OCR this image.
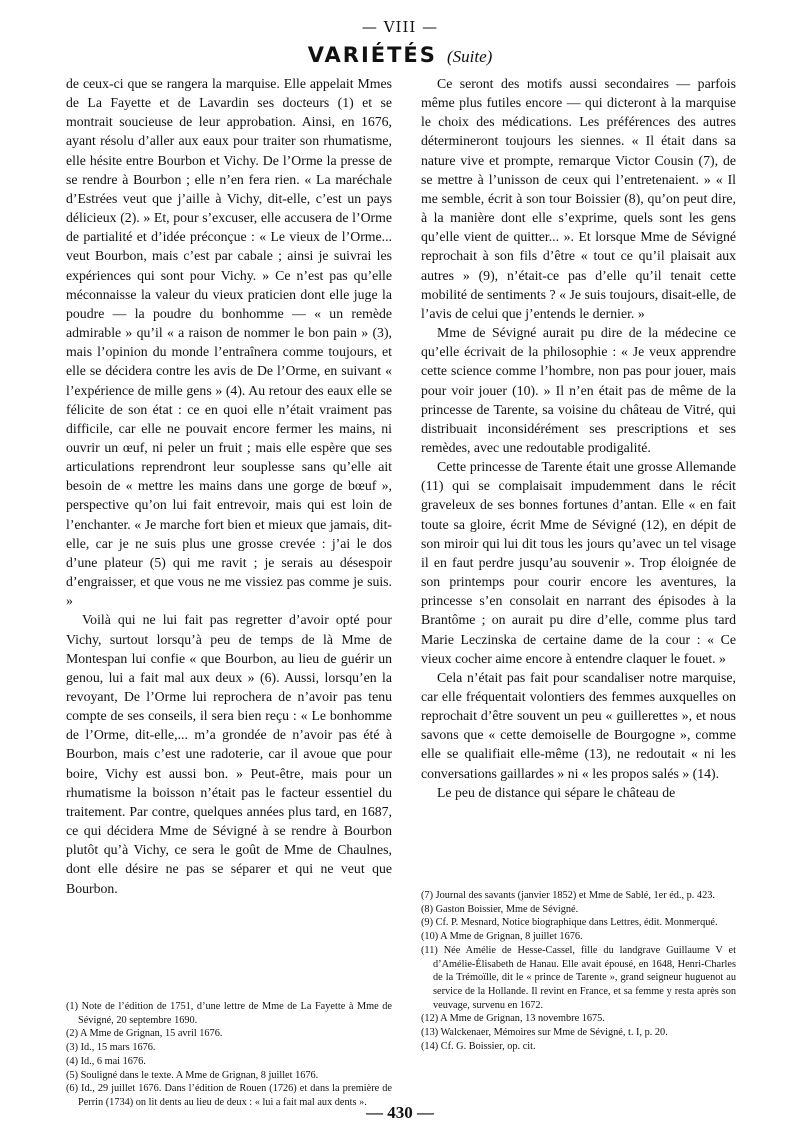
— VIII —
VARIÉTÉS (Suite)

de ceux-ci que se rangera la marquise. Elle appelait Mmes de La Fayette et de Lavardin ses docteurs (1) et se montrait soucieuse de leur approbation. Ainsi, en 1676, ayant résolu d’aller aux eaux pour traiter son rhumatisme, elle hésite entre Bourbon et Vichy. De l’Orme la presse de se rendre à Bourbon ; elle n’en fera rien. « La maréchale d’Estrées veut que j’aille à Vichy, dit-elle, c’est un pays délicieux (2). » Et, pour s’excuser, elle accusera de l’Orme de partialité et d’idée préconçue : « Le vieux de l’Orme... veut Bourbon, mais c’est par cabale ; ainsi je suivrai les expériences qui sont pour Vichy. » Ce n’est pas qu’elle méconnaisse la valeur du vieux praticien dont elle juge la poudre — la poudre du bonhomme — « un remède admirable » qu’il « a raison de nommer le bon pain » (3), mais l’opinion du monde l’entraînera comme toujours, et elle se décidera contre les avis de De l’Orme, en suivant « l’expérience de mille gens » (4). Au retour des eaux elle se félicite de son état : ce en quoi elle n’était vraiment pas difficile, car elle ne pouvait encore fermer les mains, ni ouvrir un œuf, ni peler un fruit ; mais elle espère que ses articulations reprendront leur souplesse sans qu’elle ait besoin de « mettre les mains dans une gorge de bœuf », perspective qu’on lui fait entrevoir, mais qui est loin de l’enchanter. « Je marche fort bien et mieux que jamais, dit-elle, car je ne suis plus une grosse crevée : j’ai le dos d’une plateur (5) qui me ravit ; je serais au désespoir d’engraisser, et que vous ne me vissiez pas comme je suis. »

Voilà qui ne lui fait pas regretter d’avoir opté pour Vichy, surtout lorsqu’à peu de temps de là Mme de Montespan lui confie « que Bourbon, au lieu de guérir un genou, lui a fait mal aux deux » (6). Aussi, lorsqu’en la revoyant, De l’Orme lui reprochera de n’avoir pas tenu compte de ses conseils, il sera bien reçu : « Le bonhomme de l’Orme, dit-elle,... m’a grondée de n’avoir pas été à Bourbon, mais c’est une radoterie, car il avoue que pour boire, Vichy est aussi bon. » Peut-être, mais pour un rhumatisme la boisson n’était pas le facteur essentiel du traitement. Par contre, quelques années plus tard, en 1687, ce qui décidera Mme de Sévigné à se rendre à Bourbon plutôt qu’à Vichy, ce sera le goût de Mme de Chaulnes, dont elle désire ne pas se séparer et qui ne veut que Bourbon.

Ce seront des motifs aussi secondaires — parfois même plus futiles encore — qui dicteront à la marquise le choix des médications. Les préférences des autres détermineront toujours les siennes. « Il était dans sa nature vive et prompte, remarque Victor Cousin (7), de se mettre à l’unisson de ceux qui l’entretenaient. » « Il me semble, écrit à son tour Boissier (8), qu’on peut dire, à la manière dont elle s’exprime, quels sont les gens qu’elle vient de quitter... ». Et lorsque Mme de Sévigné reprochait à son fils d’être « tout ce qu’il plaisait aux autres » (9), n’était-ce pas d’elle qu’il tenait cette mobilité de sentiments ? « Je suis toujours, disait-elle, de l’avis de celui que j’entends le dernier. »

Mme de Sévigné aurait pu dire de la médecine ce qu’elle écrivait de la philosophie : « Je veux apprendre cette science comme l’hombre, non pas pour jouer, mais pour voir jouer (10). » Il n’en était pas de même de la princesse de Tarente, sa voisine du château de Vitré, qui distribuait inconsidérément ses prescriptions et ses remèdes, avec une redoutable prodigalité.

Cette princesse de Tarente était une grosse Allemande (11) qui se complaisait impudemment dans le récit graveleux de ses bonnes fortunes d’antan. Elle « en fait toute sa gloire, écrit Mme de Sévigné (12), en dépit de son miroir qui lui dit tous les jours qu’avec un tel visage il en faut perdre jusqu’au souvenir ». Trop éloignée de son printemps pour courir encore les aventures, la princesse s’en consolait en narrant des épisodes à la Brantôme ; on aurait pu dire d’elle, comme plus tard Marie Leczinska de certaine dame de la cour : « Ce vieux cocher aime encore à entendre claquer le fouet. »

Cela n’était pas fait pour scandaliser notre marquise, car elle fréquentait volontiers des femmes auxquelles on reprochait d’être souvent un peu « guillerettes », et nous savons que « cette demoiselle de Bourgogne », comme elle se qualifiait elle-même (13), ne redoutait « ni les conversations gaillardes » ni « les propos salés » (14).

Le peu de distance qui sépare le château de

(1) Note de l’édition de 1751, d’une lettre de Mme de La Fayette à Mme de Sévigné, 20 septembre 1690.
(2) A Mme de Grignan, 15 avril 1676.
(3) Id., 15 mars 1676.
(4) Id., 6 mai 1676.
(5) Souligné dans le texte. A Mme de Grignan, 8 juillet 1676.
(6) Id., 29 juillet 1676. Dans l’édition de Rouen (1726) et dans la première de Perrin (1734) on lit dents au lieu de deux : « lui a fait mal aux dents ».
(7) Journal des savants (janvier 1852) et Mme de Sablé, 1er éd., p. 423.
(8) Gaston Boissier, Mme de Sévigné.
(9) Cf. P. Mesnard, Notice biographique dans Lettres, édit. Monmerqué.
(10) A Mme de Grignan, 8 juillet 1676.
(11) Née Amélie de Hesse-Cassel, fille du landgrave Guillaume V et d’Amélie-Élisabeth de Hanau. Elle avait épousé, en 1648, Henri-Charles de la Trémoïlle, dit le « prince de Tarente », grand seigneur huguenot au service de la Hollande. Il revint en France, et sa femme y resta après son veuvage, survenu en 1672.
(12) A Mme de Grignan, 13 novembre 1675.
(13) Walckenaer, Mémoires sur Mme de Sévigné, t. I, p. 20.
(14) Cf. G. Boissier, op. cit.
— 430 —
